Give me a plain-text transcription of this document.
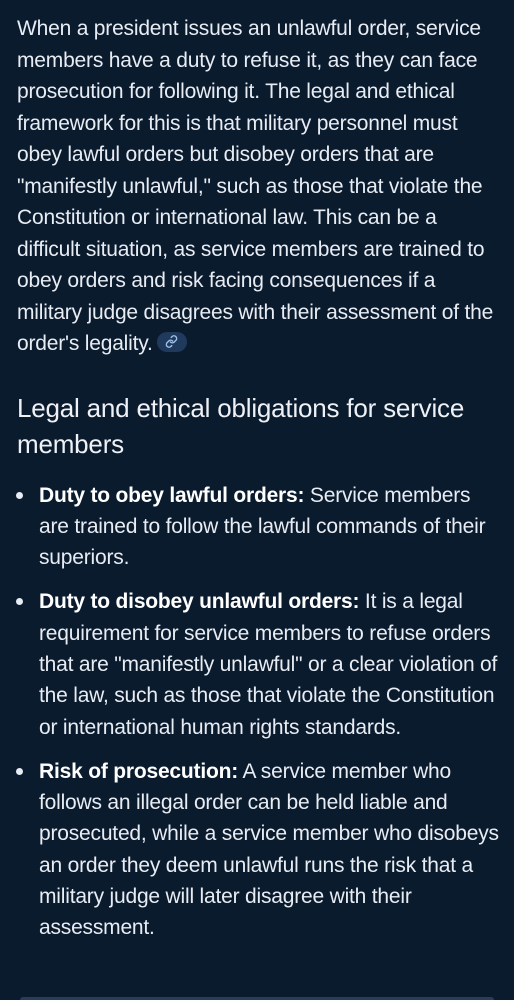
When a president issues an unlawful order, service members have a duty to refuse it, as they can face prosecution for following it. The legal and ethical framework for this is that military personnel must obey lawful orders but disobey orders that are "manifestly unlawful," such as those that violate the Constitution or international law. This can be a difficult situation, as service members are trained to obey orders and risk facing consequences if a military judge disagrees with their assessment of the order's legality.

Legal and ethical obligations for service members
Duty to obey lawful orders: Service members are trained to follow the lawful commands of their superiors.
Duty to disobey unlawful orders: It is a legal requirement for service members to refuse orders that are "manifestly unlawful" or a clear violation of the law, such as those that violate the Constitution or international human rights standards.
Risk of prosecution: A service member who follows an illegal order can be held liable and prosecuted, while a service member who disobeys an order they deem unlawful runs the risk that a military judge will later disagree with their assessment.
